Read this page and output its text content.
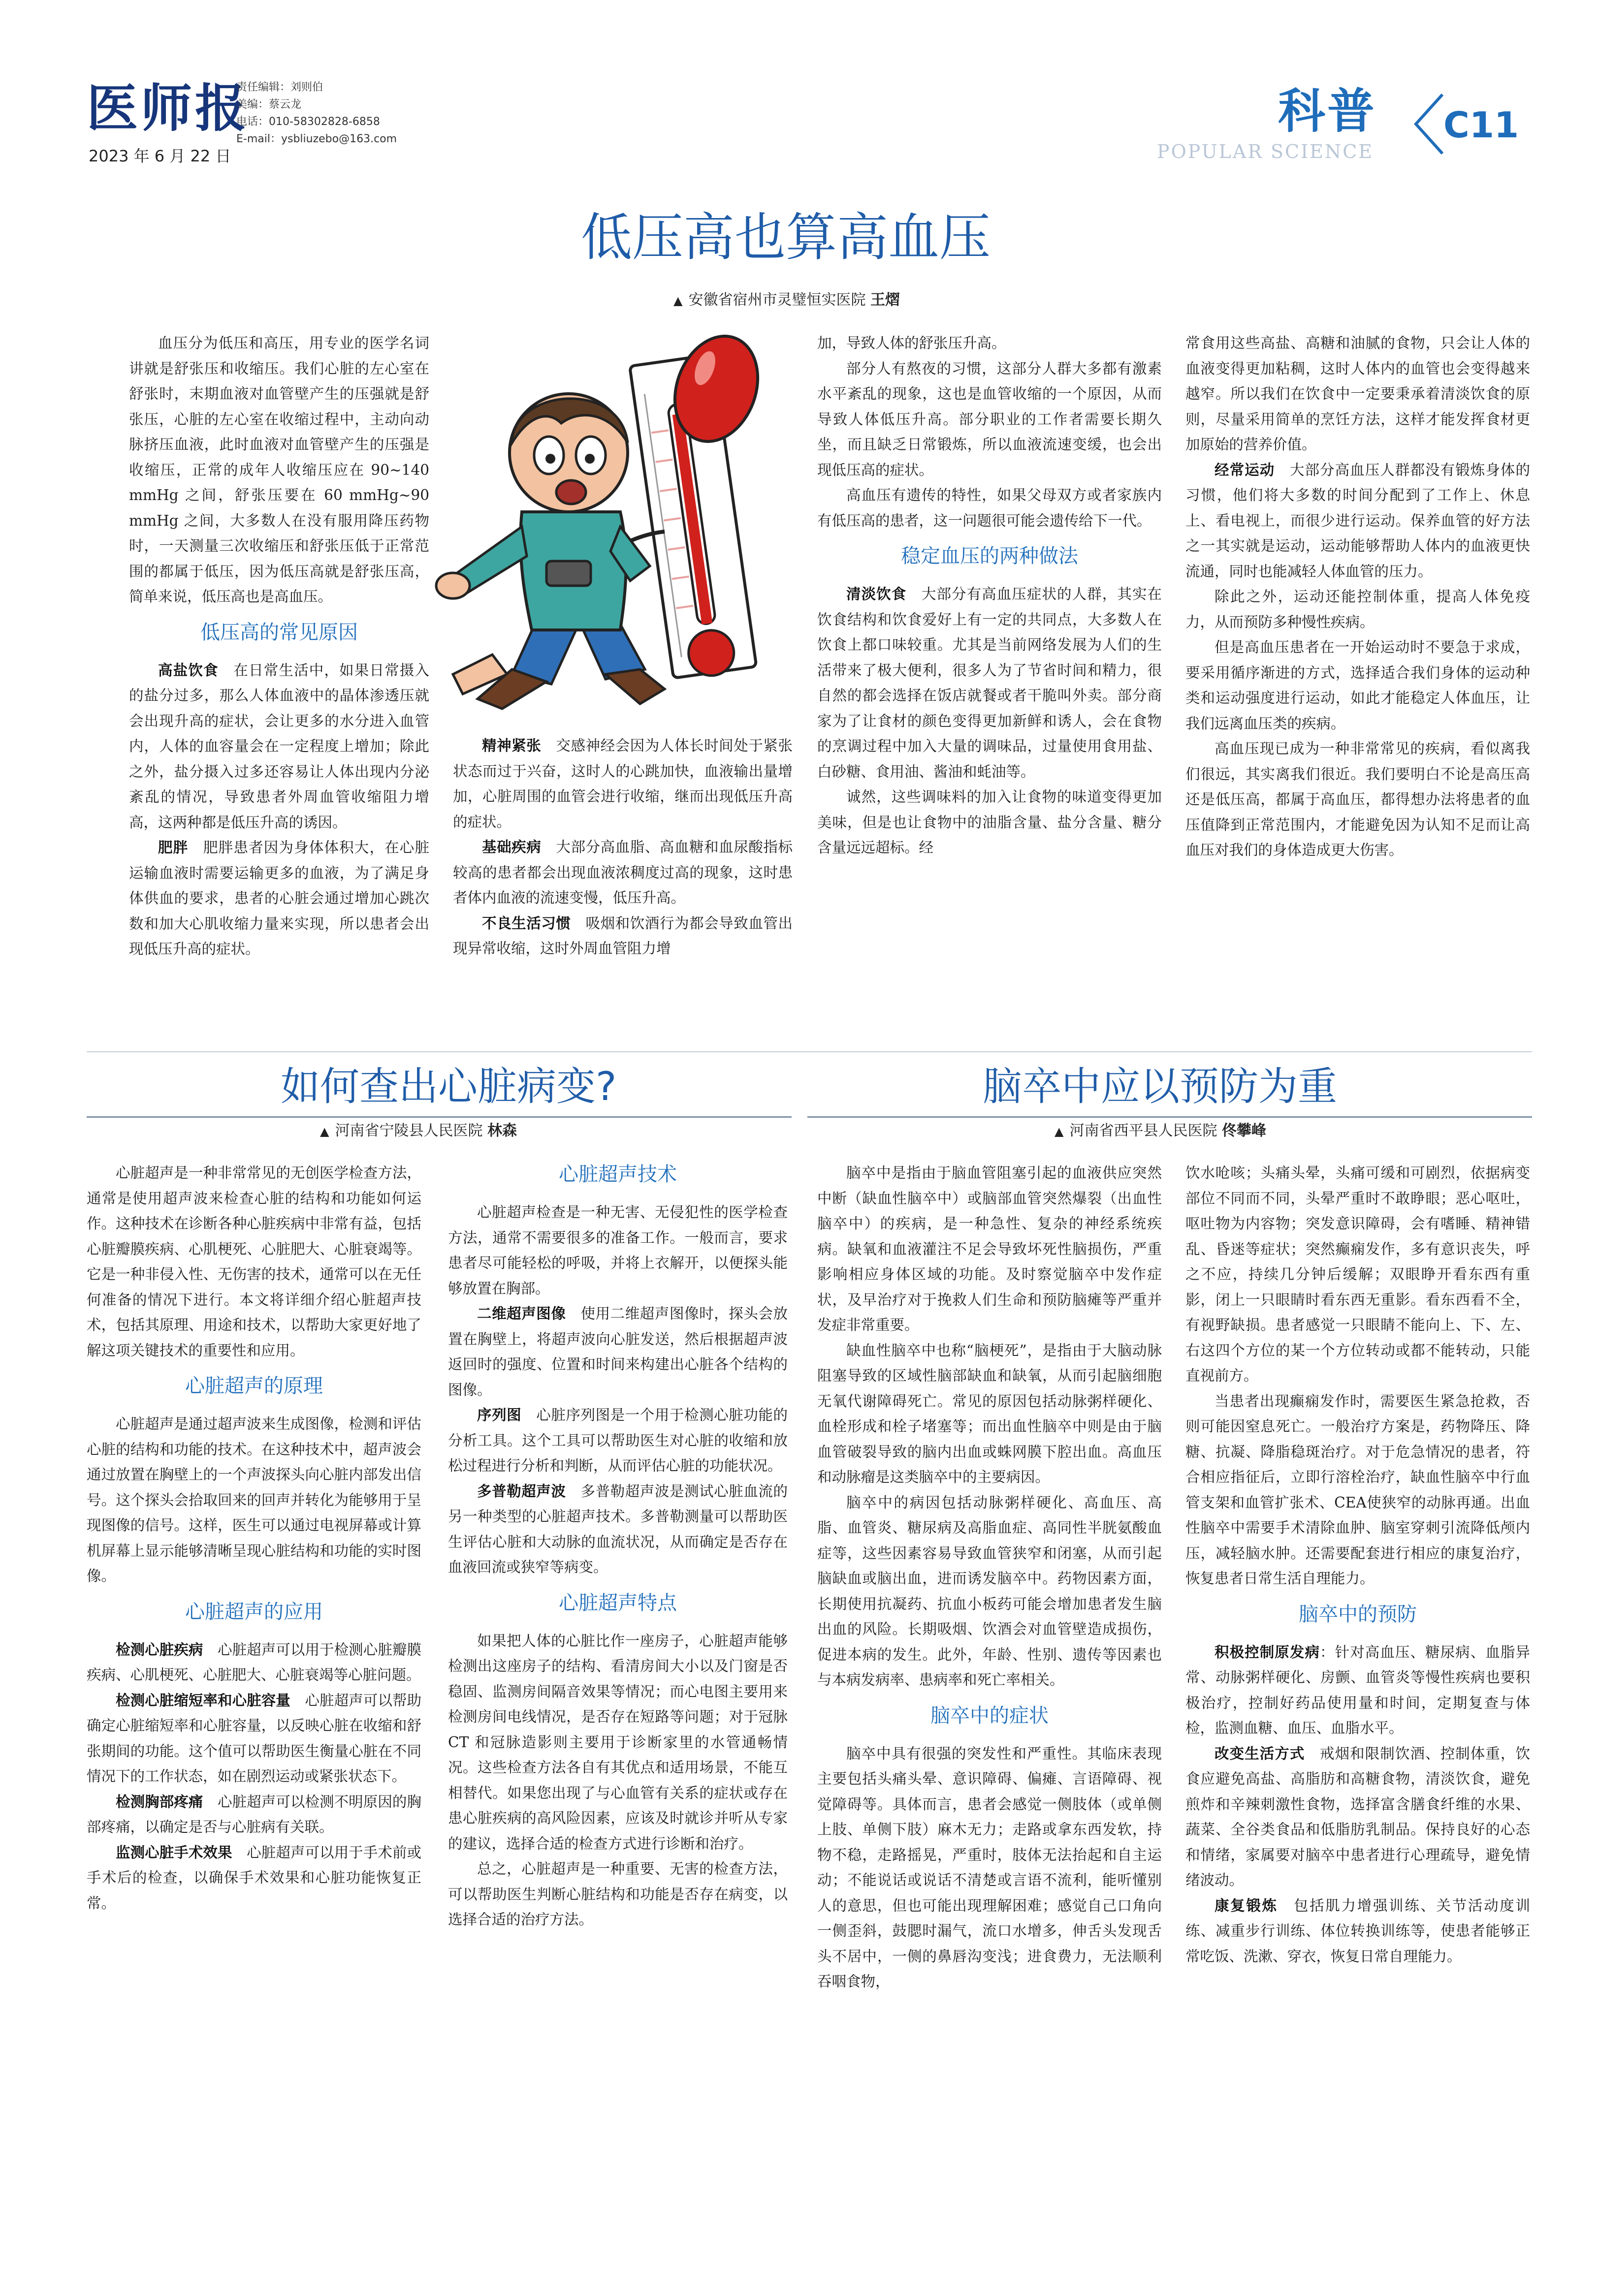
医师报
2023 年 6 月 22 日
责任编辑：刘则伯
美编：蔡云龙
电话：010-58302828-6858
E-mail：ysbliuzebo@163.com
科普
POPULAR SCIENCE
C11
低压高也算高血压
▲ 安徽省宿州市灵璧恒实医院 王熠

血压分为低压和高压，用专业的医学名词讲就是舒张压和收缩压。我们心脏的左心室在舒张时，末期血液对血管壁产生的压强就是舒张压，心脏的左心室在收缩过程中，主动向动脉挤压血液，此时血液对血管壁产生的压强是收缩压，正常的成年人收缩压应在 90~140 mmHg 之间，舒张压要在 60 mmHg~90 mmHg 之间，大多数人在没有服用降压药物时，一天测量三次收缩压和舒张压低于正常范围的都属于低压，因为低压高就是舒张压高，简单来说，低压高也是高血压。

低压高的常见原因

高盐饮食　 在日常生活中，如果日常摄入的盐分过多，那么人体血液中的晶体渗透压就会出现升高的症状，会让更多的水分进入血管内，人体的血容量会在一定程度上增加；除此之外，盐分摄入过多还容易让人体出现内分泌紊乱的情况，导致患者外周血管收缩阻力增高，这两种都是低压升高的诱因。

肥胖　 肥胖患者因为身体体积大，在心脏运输血液时需要运输更多的血液，为了满足身体供血的要求，患者的心脏会通过增加心跳次数和加大心肌收缩力量来实现，所以患者会出现低压升高的症状。

精神紧张　 交感神经会因为人体长时间处于紧张状态而过于兴奋，这时人的心跳加快，血液输出量增加，心脏周围的血管会进行收缩，继而出现低压升高的症状。

基础疾病　 大部分高血脂、高血糖和血尿酸指标较高的患者都会出现血液浓稠度过高的现象，这时患者体内血液的流速变慢，低压升高。

不良生活习惯　 吸烟和饮酒行为都会导致血管出现异常收缩，这时外周血管阻力增

加，导致人体的舒张压升高。

部分人有熬夜的习惯，这部分人群大多都有激素水平紊乱的现象，这也是血管收缩的一个原因，从而导致人体低压升高。部分职业的工作者需要长期久坐，而且缺乏日常锻炼，所以血液流速变缓，也会出现低压高的症状。

高血压有遗传的特性，如果父母双方或者家族内有低压高的患者，这一问题很可能会遗传给下一代。

稳定血压的两种做法

清淡饮食　 大部分有高血压症状的人群，其实在饮食结构和饮食爱好上有一定的共同点，大多数人在饮食上都口味较重。尤其是当前网络发展为人们的生活带来了极大便利，很多人为了节省时间和精力，很自然的都会选择在饭店就餐或者干脆叫外卖。部分商家为了让食材的颜色变得更加新鲜和诱人，会在食物的烹调过程中加入大量的调味品，过量使用食用盐、白砂糖、食用油、酱油和蚝油等。

诚然，这些调味料的加入让食物的味道变得更加美味，但是也让食物中的油脂含量、盐分含量、糖分含量远远超标。经

常食用这些高盐、高糖和油腻的食物，只会让人体的血液变得更加粘稠，这时人体内的血管也会变得越来越窄。所以我们在饮食中一定要秉承着清淡饮食的原则，尽量采用简单的烹饪方法，这样才能发挥食材更加原始的营养价值。

经常运动　 大部分高血压人群都没有锻炼身体的习惯，他们将大多数的时间分配到了工作上、休息上、看电视上，而很少进行运动。保养血管的好方法之一其实就是运动，运动能够帮助人体内的血液更快流通，同时也能减轻人体血管的压力。

除此之外，运动还能控制体重，提高人体免疫力，从而预防多种慢性疾病。

但是高血压患者在一开始运动时不要急于求成，要采用循序渐进的方式，选择适合我们身体的运动种类和运动强度进行运动，如此才能稳定人体血压，让我们远离血压类的疾病。

高血压现已成为一种非常常见的疾病，看似离我们很远，其实离我们很近。我们要明白不论是高压高还是低压高，都属于高血压，都得想办法将患者的血压值降到正常范围内，才能避免因为认知不足而让高血压对我们的身体造成更大伤害。

如何查出心脏病变?
▲ 河南省宁陵县人民医院 林森

心脏超声是一种非常常见的无创医学检查方法，通常是使用超声波来检查心脏的结构和功能如何运作。这种技术在诊断各种心脏疾病中非常有益，包括心脏瓣膜疾病、心肌梗死、心脏肥大、心脏衰竭等。它是一种非侵入性、无伤害的技术，通常可以在无任何准备的情况下进行。本文将详细介绍心脏超声技术，包括其原理、用途和技术，以帮助大家更好地了解这项关键技术的重要性和应用。

心脏超声的原理

心脏超声是通过超声波来生成图像，检测和评估心脏的结构和功能的技术。在这种技术中，超声波会通过放置在胸壁上的一个声波探头向心脏内部发出信号。这个探头会拾取回来的回声并转化为能够用于呈现图像的信号。这样，医生可以通过电视屏幕或计算机屏幕上显示能够清晰呈现心脏结构和功能的实时图像。

心脏超声的应用

检测心脏疾病　 心脏超声可以用于检测心脏瓣膜疾病、心肌梗死、心脏肥大、心脏衰竭等心脏问题。

检测心脏缩短率和心脏容量　 心脏超声可以帮助确定心脏缩短率和心脏容量，以反映心脏在收缩和舒张期间的功能。这个值可以帮助医生衡量心脏在不同情况下的工作状态，如在剧烈运动或紧张状态下。

检测胸部疼痛　 心脏超声可以检测不明原因的胸部疼痛，以确定是否与心脏病有关联。

监测心脏手术效果　 心脏超声可以用于手术前或手术后的检查，以确保手术效果和心脏功能恢复正常。

心脏超声技术

心脏超声检查是一种无害、无侵犯性的医学检查方法，通常不需要很多的准备工作。一般而言，要求患者尽可能轻松的呼吸，并将上衣解开，以便探头能够放置在胸部。

二维超声图像　 使用二维超声图像时，探头会放置在胸壁上，将超声波向心脏发送，然后根据超声波返回时的强度、位置和时间来构建出心脏各个结构的图像。

序列图　 心脏序列图是一个用于检测心脏功能的分析工具。这个工具可以帮助医生对心脏的收缩和放松过程进行分析和判断，从而评估心脏的功能状况。

多普勒超声波　 多普勒超声波是测试心脏血流的另一种类型的心脏超声技术。多普勒测量可以帮助医生评估心脏和大动脉的血流状况，从而确定是否存在血液回流或狭窄等病变。

心脏超声特点

如果把人体的心脏比作一座房子，心脏超声能够检测出这座房子的结构、看清房间大小以及门窗是否稳固、监测房间隔音效果等情况；而心电图主要用来检测房间电线情况，是否存在短路等问题；对于冠脉 CT 和冠脉造影则主要用于诊断家里的水管通畅情况。这些检查方法各自有其优点和适用场景，不能互相替代。如果您出现了与心血管有关系的症状或存在患心脏疾病的高风险因素，应该及时就诊并听从专家的建议，选择合适的检查方式进行诊断和治疗。

总之，心脏超声是一种重要、无害的检查方法，可以帮助医生判断心脏结构和功能是否存在病变，以选择合适的治疗方法。

脑卒中应以预防为重
▲ 河南省西平县人民医院 佟攀峰

脑卒中是指由于脑血管阻塞引起的血液供应突然中断（缺血性脑卒中）或脑部血管突然爆裂（出血性脑卒中）的疾病，是一种急性、复杂的神经系统疾病。缺氧和血液灌注不足会导致坏死性脑损伤，严重影响相应身体区域的功能。及时察觉脑卒中发作症状，及早治疗对于挽救人们生命和预防脑瘫等严重并发症非常重要。

缺血性脑卒中也称“脑梗死”，是指由于大脑动脉阻塞导致的区域性脑部缺血和缺氧，从而引起脑细胞无氧代谢障碍死亡。常见的原因包括动脉粥样硬化、血栓形成和栓子堵塞等；而出血性脑卒中则是由于脑血管破裂导致的脑内出血或蛛网膜下腔出血。高血压和动脉瘤是这类脑卒中的主要病因。

脑卒中的病因包括动脉粥样硬化、高血压、高脂、血管炎、糖尿病及高脂血症、高同性半胱氨酸血症等，这些因素容易导致血管狭窄和闭塞，从而引起脑缺血或脑出血，进而诱发脑卒中。药物因素方面，长期使用抗凝药、抗血小板药可能会增加患者发生脑出血的风险。长期吸烟、饮酒会对血管壁造成损伤，促进本病的发生。此外，年龄、性别、遗传等因素也与本病发病率、患病率和死亡率相关。

脑卒中的症状

脑卒中具有很强的突发性和严重性。其临床表现主要包括头痛头晕、意识障碍、偏瘫、言语障碍、视觉障碍等。具体而言，患者会感觉一侧肢体（或单侧上肢、单侧下肢）麻木无力；走路或拿东西发软，持物不稳，走路摇晃，严重时，肢体无法抬起和自主运动；不能说话或说话不清楚或言语不流利，能听懂别人的意思，但也可能出现理解困难；感觉自己口角向一侧歪斜，鼓腮时漏气，流口水增多，伸舌头发现舌头不居中，一侧的鼻唇沟变浅；进食费力，无法顺利吞咽食物，

饮水呛咳；头痛头晕，头痛可缓和可剧烈，依据病变部位不同而不同，头晕严重时不敢睁眼；恶心呕吐，呕吐物为内容物；突发意识障碍，会有嗜睡、精神错乱、昏迷等症状；突然癫痫发作，多有意识丧失，呼之不应，持续几分钟后缓解；双眼睁开看东西有重影，闭上一只眼睛时看东西无重影。看东西看不全，有视野缺损。患者感觉一只眼睛不能向上、下、左、右这四个方位的某一个方位转动或都不能转动，只能直视前方。

当患者出现癫痫发作时，需要医生紧急抢救，否则可能因窒息死亡。一般治疗方案是，药物降压、降糖、抗凝、降脂稳斑治疗。对于危急情况的患者，符合相应指征后，立即行溶栓治疗，缺血性脑卒中行血管支架和血管扩张术、CEA使狭窄的动脉再通。出血性脑卒中需要手术清除血肿、脑室穿刺引流降低颅内压，减轻脑水肿。还需要配套进行相应的康复治疗，恢复患者日常生活自理能力。

脑卒中的预防

积极控制原发病：针对高血压、糖尿病、血脂异常、动脉粥样硬化、房颤、血管炎等慢性疾病也要积极治疗，控制好药品使用量和时间，定期复查与体检，监测血糖、血压、血脂水平。

改变生活方式　 戒烟和限制饮酒、控制体重，饮食应避免高盐、高脂肪和高糖食物，清淡饮食，避免煎炸和辛辣刺激性食物，选择富含膳食纤维的水果、蔬菜、全谷类食品和低脂肪乳制品。保持良好的心态和情绪，家属要对脑卒中患者进行心理疏导，避免情绪波动。

康复锻炼　 包括肌力增强训练、关节活动度训练、减重步行训练、体位转换训练等，使患者能够正常吃饭、洗漱、穿衣，恢复日常自理能力。
